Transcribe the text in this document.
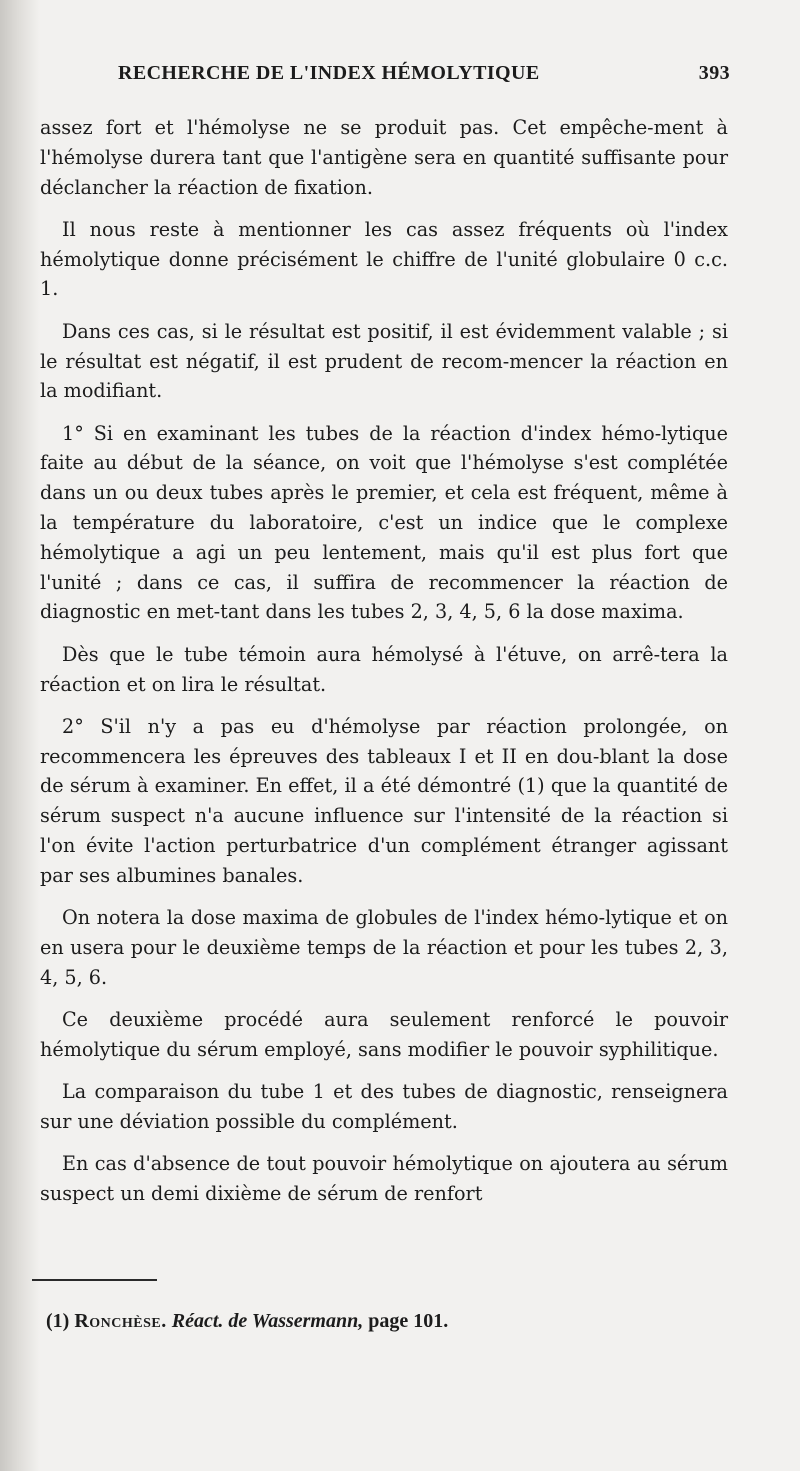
RECHERCHE DE L'INDEX HÉMOLYTIQUE	393

assez fort et l'hémolyse ne se produit pas. Cet empêche-ment à l'hémolyse durera tant que l'antigène sera en quantité suffisante pour déclancher la réaction de fixation.

Il nous reste à mentionner les cas assez fréquents où l'index hémolytique donne précisément le chiffre de l'unité globulaire 0 c.c. 1.

Dans ces cas, si le résultat est positif, il est évidemment valable ; si le résultat est négatif, il est prudent de recom-mencer la réaction en la modifiant.

1° Si en examinant les tubes de la réaction d'index hémo-lytique faite au début de la séance, on voit que l'hémolyse s'est complétée dans un ou deux tubes après le premier, et cela est fréquent, même à la température du laboratoire, c'est un indice que le complexe hémolytique a agi un peu lentement, mais qu'il est plus fort que l'unité ; dans ce cas, il suffira de recommencer la réaction de diagnostic en met-tant dans les tubes 2, 3, 4, 5, 6 la dose maxima.

Dès que le tube témoin aura hémolysé à l'étuve, on arrê-tera la réaction et on lira le résultat.

2° S'il n'y a pas eu d'hémolyse par réaction prolongée, on recommencera les épreuves des tableaux I et II en dou-blant la dose de sérum à examiner. En effet, il a été démontré (1) que la quantité de sérum suspect n'a aucune influence sur l'intensité de la réaction si l'on évite l'action perturbatrice d'un complément étranger agissant par ses albumines banales.

On notera la dose maxima de globules de l'index hémo-lytique et on en usera pour le deuxième temps de la réaction et pour les tubes 2, 3, 4, 5, 6.

Ce deuxième procédé aura seulement renforcé le pouvoir hémolytique du sérum employé, sans modifier le pouvoir syphilitique.

La comparaison du tube 1 et des tubes de diagnostic, renseignera sur une déviation possible du complément.

En cas d'absence de tout pouvoir hémolytique on ajoutera au sérum suspect un demi dixième de sérum de renfort

(1) Ronchèse. Réact. de Wassermann, page 101.
